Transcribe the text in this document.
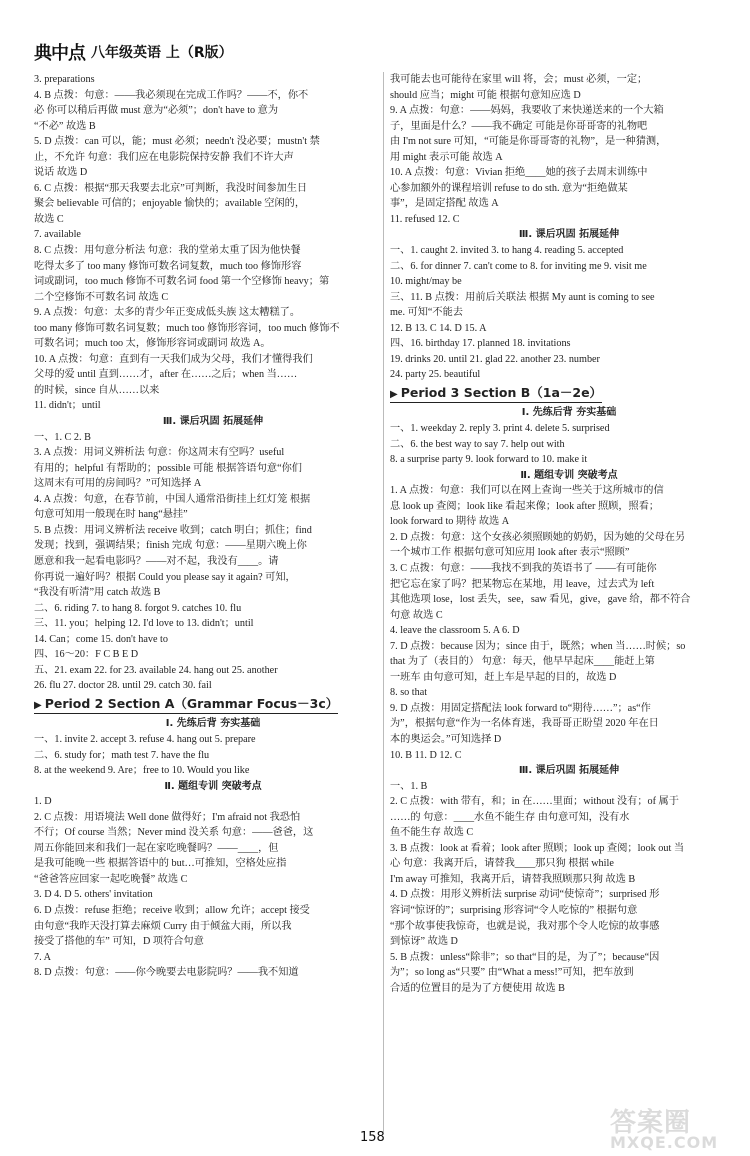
典中点 八年级英语 上（R版）
3. preparations
4. B 点拨：句意：——我必须现在完成工作吗？——不，你不
必 你可以稍后再做 must 意为“必须”；don't have to 意为
“不必” 故选 B
5. D 点拨：can 可以，能；must 必须；needn't 没必要；mustn't 禁
止，不允许 句意：我们应在电影院保持安静 我们不许大声
说话 故选 D
6. C 点拨：根据“那天我要去北京”可判断，我没时间参加生日
聚会 believable 可信的；enjoyable 愉快的；available 空闲的，
故选 C
7. available
8. C 点拨：用句意分析法 句意：我的堂弟太重了因为他快餐
吃得太多了 too many 修饰可数名词复数，much too 修饰形容
词或副词，too much 修饰不可数名词 food 第一个空修饰 heavy；第
二个空修饰不可数名词 故选 C
9. A 点拨：句意：太多的青少年正变成低头族 这太糟糕了。
too many 修饰可数名词复数；much too 修饰形容词，too much 修饰不
可数名词；much too 太，修饰形容词或副词 故选 A。
10. A 点拨：句意：直到有一天我们成为父母，我们才懂得我们
父母的爱 until 直到……才，after 在……之后；when 当……
的时候，since 自从……以来
11. didn't；until
Ⅲ. 课后巩固 拓展延伸
一、1. C 2. B
3. A 点拨：用词义辨析法 句意：你这周末有空吗？useful
有用的；helpful 有帮助的；possible 可能 根据答语句意“你们
这周末有可用的房间吗？”可知选择 A
4. A 点拨：句意，在春节前，中国人通常沿街挂上红灯笼 根据
句意可知用一般现在时 hang“悬挂”
5. B 点拨：用词义辨析法 receive 收到；catch 明白；抓住；find
发现；找到，强调结果；finish 完成 句意：——星期六晚上你
愿意和我一起看电影吗？——对不起，我没有____。请
你再说一遍好吗？根据 Could you please say it again? 可知，
“我没有听清”用 catch 故选 B
二、6. riding 7. to hang 8. forgot 9. catches 10. flu
三、11. you；helping 12. I'd love to 13. didn't；until
14. Can；come 15. don't have to
四、16～20：F C B E D
五、21. exam 22. for 23. available 24. hang out 25. another
26. flu 27. doctor 28. until 29. catch 30. fail
▶ Period 2 Section A（Grammar Focus－3c）
Ⅰ. 先练后背 夯实基础
一、1. invite 2. accept 3. refuse 4. hang out 5. prepare
二、6. study for；math test 7. have the flu
8. at the weekend 9. Are；free to 10. Would you like
Ⅱ. 题组专训 突破考点
1. D
2. C 点拨：用语境法 Well done 做得好；I'm afraid not 我恐怕
不行；Of course 当然；Never mind 没关系 句意：——爸爸，这
周五你能回来和我们一起在家吃晚餐吗？——____，但
是我可能晚一些 根据答语中的 but…可推知，空格处应指
“爸爸答应回家一起吃晚餐” 故选 C
3. D 4. D 5. others' invitation
6. D 点拨：refuse 拒绝；receive 收到；allow 允许；accept 接受
由句意“我昨天没打算去麻烦 Curry 由于倾盆大雨，所以我
接受了搭他的车” 可知，D 项符合句意
7. A
8. D 点拨：句意：——你今晚要去电影院吗？——我不知道
我可能去也可能待在家里 will 将，会；must 必须，一定；
should 应当；might 可能 根据句意知应选 D
9. A 点拨：句意：——妈妈，我要收了来快递送来的一个大箱
子，里面是什么？——我不确定 可能是你哥哥寄的礼物吧
由 I'm not sure 可知，“可能是你哥哥寄的礼物”，是一种猜测，
用 might 表示可能 故选 A
10. A 点拨：句意：Vivian 拒绝____她的孩子去周末训练中
心参加额外的课程培训 refuse to do sth. 意为“拒绝做某
事”，是固定搭配 故选 A
11. refused 12. C
Ⅲ. 课后巩固 拓展延伸
一、1. caught 2. invited 3. to hang 4. reading 5. accepted
二、6. for dinner 7. can't come to 8. for inviting me 9. visit me
10. might/may be
三、11. B 点拨：用前后关联法 根据 My aunt is coming to see
me. 可知“不能去
12. B 13. C 14. D 15. A
四、16. birthday 17. planned 18. invitations
19. drinks 20. until 21. glad 22. another 23. number
24. party 25. beautiful
▶ Period 3 Section B（1a－2e）
Ⅰ. 先练后背 夯实基础
一、1. weekday 2. reply 3. print 4. delete 5. surprised
二、6. the best way to say 7. help out with
8. a surprise party 9. look forward to 10. make it
Ⅱ. 题组专训 突破考点
1. A 点拨：句意：我们可以在网上查询一些关于这所城市的信
息 look up 查阅；look like 看起来像；look after 照顾，照看；
look forward to 期待 故选 A
2. D 点拨：句意：这个女孩必须照顾她的奶奶，因为她的父母在另
一个城市工作 根据句意可知应用 look after 表示“照顾”
3. C 点拨：句意：——我找不到我的英语书了 ——有可能你
把它忘在家了吗？把某物忘在某地，用 leave，过去式为 left
其他选项 lose，lost 丢失，see，saw 看见，give，gave 给，都不符合
句意 故选 C
4. leave the classroom 5. A 6. D
7. D 点拨：because 因为；since 由于，既然；when 当……时候；so
that 为了（表目的） 句意：每天，他早早起床____能赶上第
一班车 由句意可知，赶上车是早起的目的，故选 D
8. so that
9. D 点拨：用固定搭配法 look forward to“期待……”；as“作
为”，根据句意“作为一名体育迷，我哥哥正盼望 2020 年在日
本的奥运会。”可知选择 D
10. B 11. D 12. C
Ⅲ. 课后巩固 拓展延伸
一、1. B
2. C 点拨：with 带有，和；in 在……里面；without 没有；of 属于
……的 句意：____水鱼不能生存 由句意可知，没有水
鱼不能生存 故选 C
3. B 点拨：look at 看着；look after 照顾；look up 查阅；look out 当
心 句意：我离开后，请替我____那只狗 根据 while
I'm away 可推知，我离开后，请替我照顾那只狗 故选 B
4. D 点拨：用形义辨析法 surprise 动词“使惊奇”；surprised 形
容词“惊讶的”；surprising 形容词“令人吃惊的” 根据句意
“那个故事使我惊奇，也就是说，我对那个令人吃惊的故事感
到惊讶” 故选 D
5. B 点拨：unless“除非”；so that“目的是，为了”；because“因
为”；so long as“只要” 由“What a mess!”可知，把车放到
合适的位置目的是为了方便使用 故选 B
158	答案圈
MXQE.COM
